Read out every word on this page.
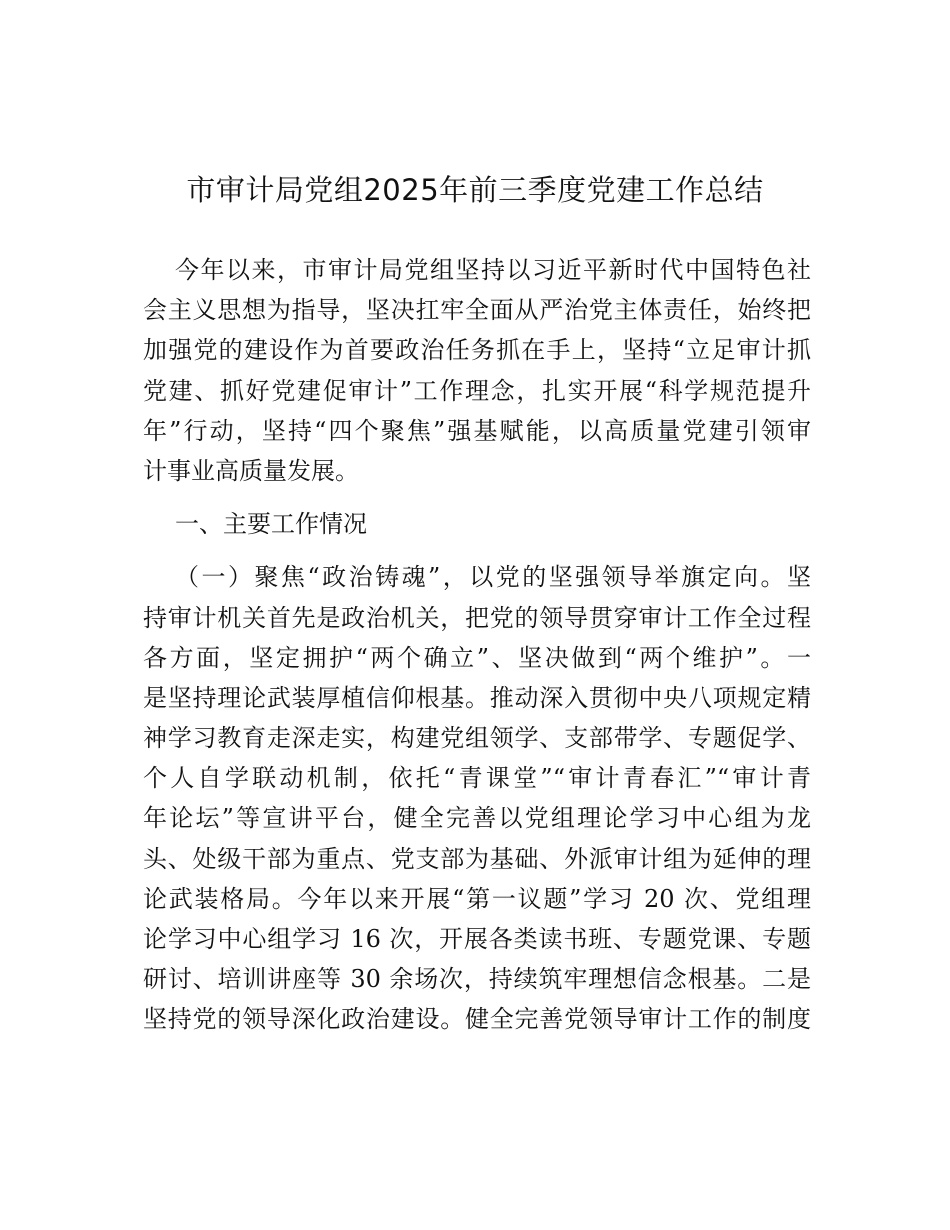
市审计局党组2025年前三季度党建工作总结
今年以来，市审计局党组坚持以习近平新时代中国特色社
会主义思想为指导，坚决扛牢全面从严治党主体责任，始终把
加强党的建设作为首要政治任务抓在手上，坚持“立足审计抓
党建、抓好党建促审计”工作理念，扎实开展“科学规范提升
年”行动，坚持“四个聚焦”强基赋能，以高质量党建引领审
计事业高质量发展。
一、主要工作情况
（一）聚焦“政治铸魂”，以党的坚强领导举旗定向。坚
持审计机关首先是政治机关，把党的领导贯穿审计工作全过程
各方面，坚定拥护“两个确立”、坚决做到“两个维护”。一
是坚持理论武装厚植信仰根基。推动深入贯彻中央八项规定精
神学习教育走深走实，构建党组领学、支部带学、专题促学、
个人自学联动机制，依托“青课堂”“审计青春汇”“审计青
年论坛”等宣讲平台，健全完善以党组理论学习中心组为龙
头、处级干部为重点、党支部为基础、外派审计组为延伸的理
论武装格局。今年以来开展“第一议题”学习 20 次、党组理
论学习中心组学习 16 次，开展各类读书班、专题党课、专题
研讨、培训讲座等 30 余场次，持续筑牢理想信念根基。二是
坚持党的领导深化政治建设。健全完善党领导审计工作的制度
